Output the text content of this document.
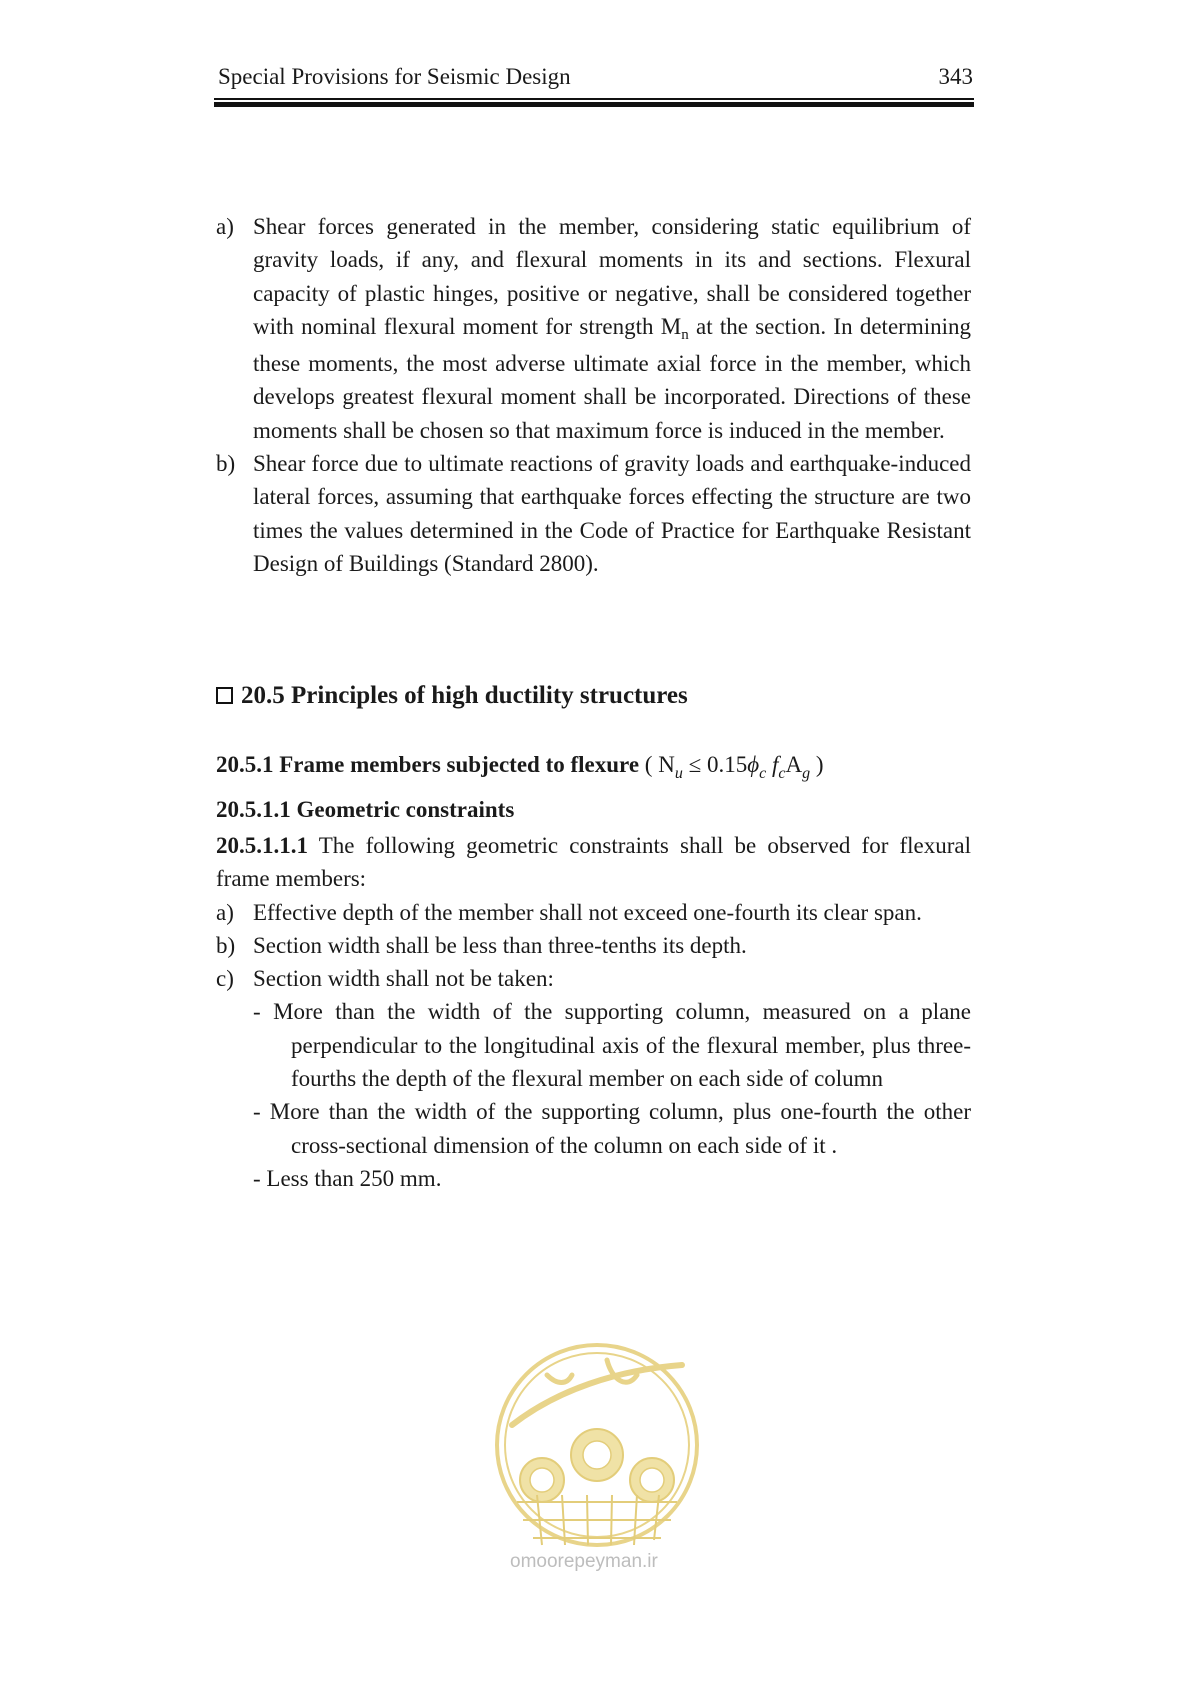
Special Provisions for Seismic Design	343
a) Shear forces generated in the member, considering static equilibrium of gravity loads, if any, and flexural moments in its and sections. Flexural capacity of plastic hinges, positive or negative, shall be considered together with nominal flexural moment for strength $M_n$ at the section. In determining these moments, the most adverse ultimate axial force in the member, which develops greatest flexural moment shall be incorporated. Directions of these moments shall be chosen so that maximum force is induced in the member.
b) Shear force due to ultimate reactions of gravity loads and earthquake-induced lateral forces, assuming that earthquake forces effecting the structure are two times the values determined in the Code of Practice for Earthquake Resistant Design of Buildings (Standard 2800).
20.5 Principles of high ductility structures
20.5.1 Frame members subjected to flexure ( $N_u \le 0.15\phi_c$ $f_cA_g$ )
20.5.1.1 Geometric constraints
20.5.1.1.1 The following geometric constraints shall be observed for flexural frame members:
a) Effective depth of the member shall not exceed one-fourth its clear span.
b) Section width shall be less than three-tenths its depth.
c) Section width shall not be taken:
- More than the width of the supporting column, measured on a plane perpendicular to the longitudinal axis of the flexural member, plus three-fourths the depth of the flexural member on each side of column
- More than the width of the supporting column, plus one-fourth the other cross-sectional dimension of the column on each side of it .
- Less than 250 mm.
omoorepeyman.ir
